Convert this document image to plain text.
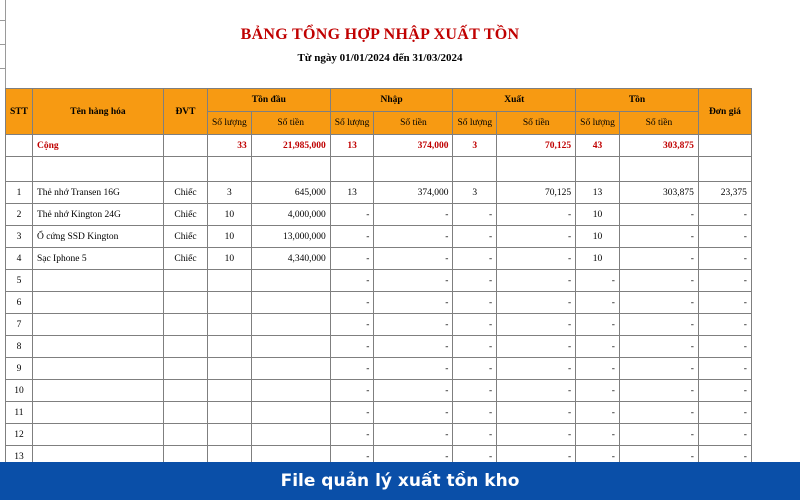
BẢNG TỔNG HỢP NHẬP XUẤT TỒN
Từ ngày 01/01/2024 đến 31/03/2024
STT	Tên hàng hóa	ĐVT	Tồn đầu		Nhập		Xuất		Tồn		Đơn giá
			Số lượng	Số tiền	Số lượng	Số tiền	Số lượng	Số tiền	Số lượng	Số tiền	
	Cộng		33	21,985,000	13	374,000	3	70,125	43	303,875	

1	Thẻ nhớ Transen 16G	Chiếc	3	645,000	13	374,000	3	70,125	13	303,875	23,375
2	Thẻ nhớ Kington 24G	Chiếc	10	4,000,000	-	-	-	-	10	-	-
3	Ổ cứng SSD Kington	Chiếc	10	13,000,000	-	-	-	-	10	-	-
4	Sạc Iphone 5	Chiếc	10	4,340,000	-	-	-	-	10	-	-
5					-	-	-	-	-	-	-
6					-	-	-	-	-	-	-
7					-	-	-	-	-	-	-
8					-	-	-	-	-	-	-
9					-	-	-	-	-	-	-
10					-	-	-	-	-	-	-
11					-	-	-	-	-	-	-
12					-	-	-	-	-	-	-
13					-	-	-	-	-	-	-
File quản lý xuất tồn kho
